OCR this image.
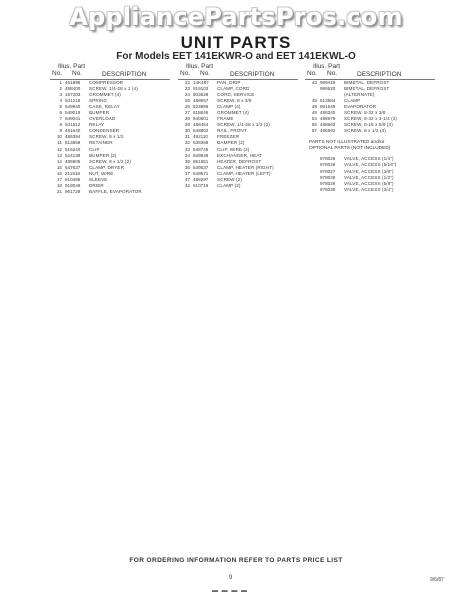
AppliancePartsPros.com
UNIT PARTS
For Models EET 141EKWR-O and EET 141EKWL-O
Illus. Part
No. No.	DESCRIPTION
1 461896	COMPRESSOR
2 488400	SCREW, 1/4-28 x 1 (4)
3 167203	GROMMET (4)
4 531218	SPRING
5 549940	CASE, RELAY
6 549019	BUMPER
7 549041	OVERLOAD
8 531512	RELAY
9 481640	CONDENSER
10 486394	SCREW, 8 x 1/2
11 513658	RETAINER
12 515240	CLIP
13 524139	BUMPER (2)
14 486905	SCREW, 8 x 1/2 (2)
15 547637	CLAMP, DRYER
16 211918	NUT, WIRE
17 510486	SLEEVE
18 918046	DRIER
21 961729	BAFFLE, EVAPORATOR
Illus. Part
No. No.	DESCRIPTION
22 14K487	PAN, DRIP
23 519103	CLAMP, CORD
24 803628	CORD, SERVICE
25 488657	SCREW, 8 x 3/8
26 523886	CLAMP (4)
27 518646	GROMMET (4)
28 540601	FRAME
29 488454	SCREW, 1/4-28 x 1/2 (2)
30 548862	RAIL, FRONT
31 492110	FREEZER
32 538369	DAMPER (2)
33 548745	CLIP, WIRE (2)
34 849836	EXCHANGER, HEAT
35 851851	HEATER, DEFROST
36 549537	CLAMP, HEATER (RIGHT)
37 549571	CLAMP, HEATER (LEFT)
47 488297	SCREW (2)
42 510716	CLAMP (2)
Illus. Part
No. No.	DESCRIPTION
43 989419	BIMETAL, DEFROST
989520	BIMETAL, DEFROST
(ALTERNATE)
45 513584	CLAMP
48 981549	EVAPORATOR
49 486340	SCREW, 8-32 x 3/8
54 488979	SCREW, 8-32 x 1-1/4 (2)
56 488663	SCREW, 8-18 x 5/8 (4)
57 486592	SCREW, 8 x 1/2 (4)
PARTS NOT ILLUSTRATED and/or
OPTIONAL PARTS (NOT INCLUDED)
978025	VALVE, ACCESS (1/4")
978026	VALVE, ACCESS (5/16")
978027	VALVE, ACCESS (3/8")
978028	VALVE, ACCESS (1/2")
978029	VALVE, ACCESS (5/8")
978030	VALVE, ACCESS (3/4")
FOR ORDERING INFORMATION REFER TO PARTS PRICE LIST
9	9/6/87
▬ ▬ ▬ ▬
